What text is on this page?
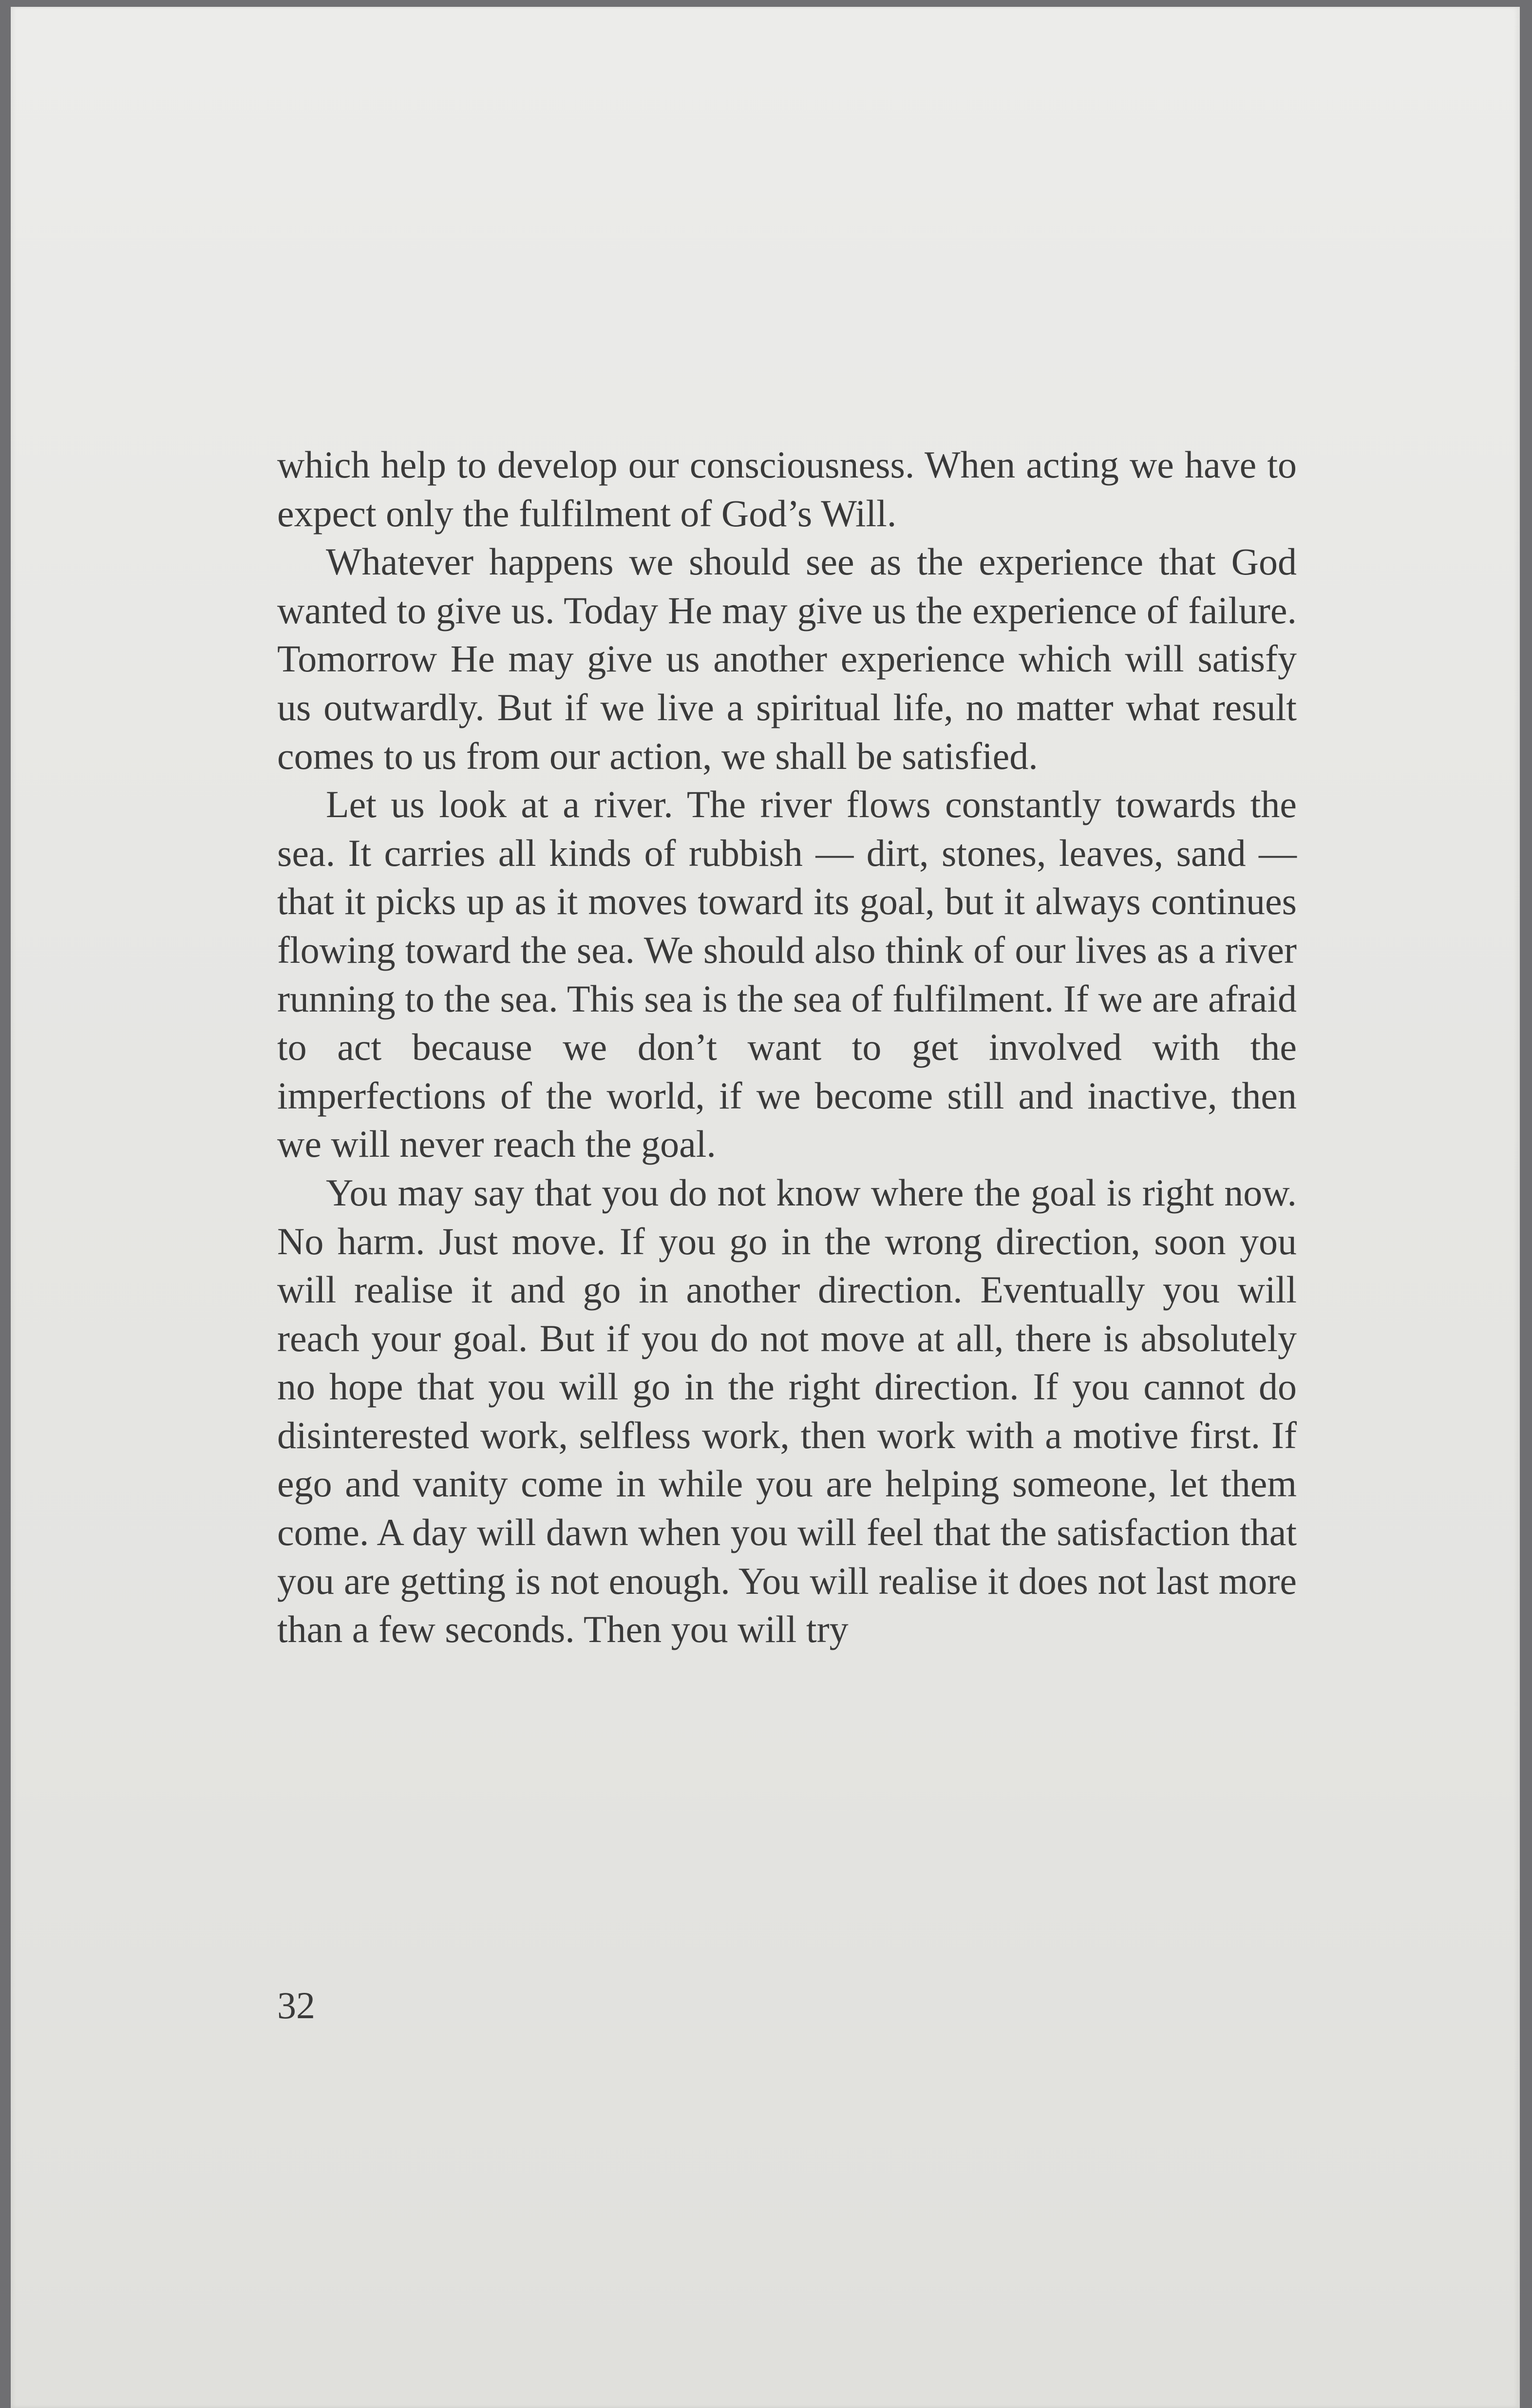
which help to develop our consciousness. When acting we have to expect only the fulfilment of God’s Will.

Whatever happens we should see as the experience that God wanted to give us. Today He may give us the experience of failure. Tomorrow He may give us another experience which will satisfy us outwardly. But if we live a spiritual life, no matter what result comes to us from our action, we shall be satisfied.

Let us look at a river. The river flows constantly towards the sea. It carries all kinds of rubbish — dirt, stones, leaves, sand — that it picks up as it moves toward its goal, but it always continues flowing toward the sea. We should also think of our lives as a river running to the sea. This sea is the sea of fulfilment. If we are afraid to act because we don’t want to get involved with the imperfections of the world, if we become still and inactive, then we will never reach the goal.

You may say that you do not know where the goal is right now. No harm. Just move. If you go in the wrong direction, soon you will realise it and go in another direction. Eventually you will reach your goal. But if you do not move at all, there is absolutely no hope that you will go in the right direction. If you cannot do disinterested work, selfless work, then work with a motive first. If ego and vanity come in while you are helping someone, let them come. A day will dawn when you will feel that the satisfaction that you are getting is not enough. You will realise it does not last more than a few seconds. Then you will try

32
